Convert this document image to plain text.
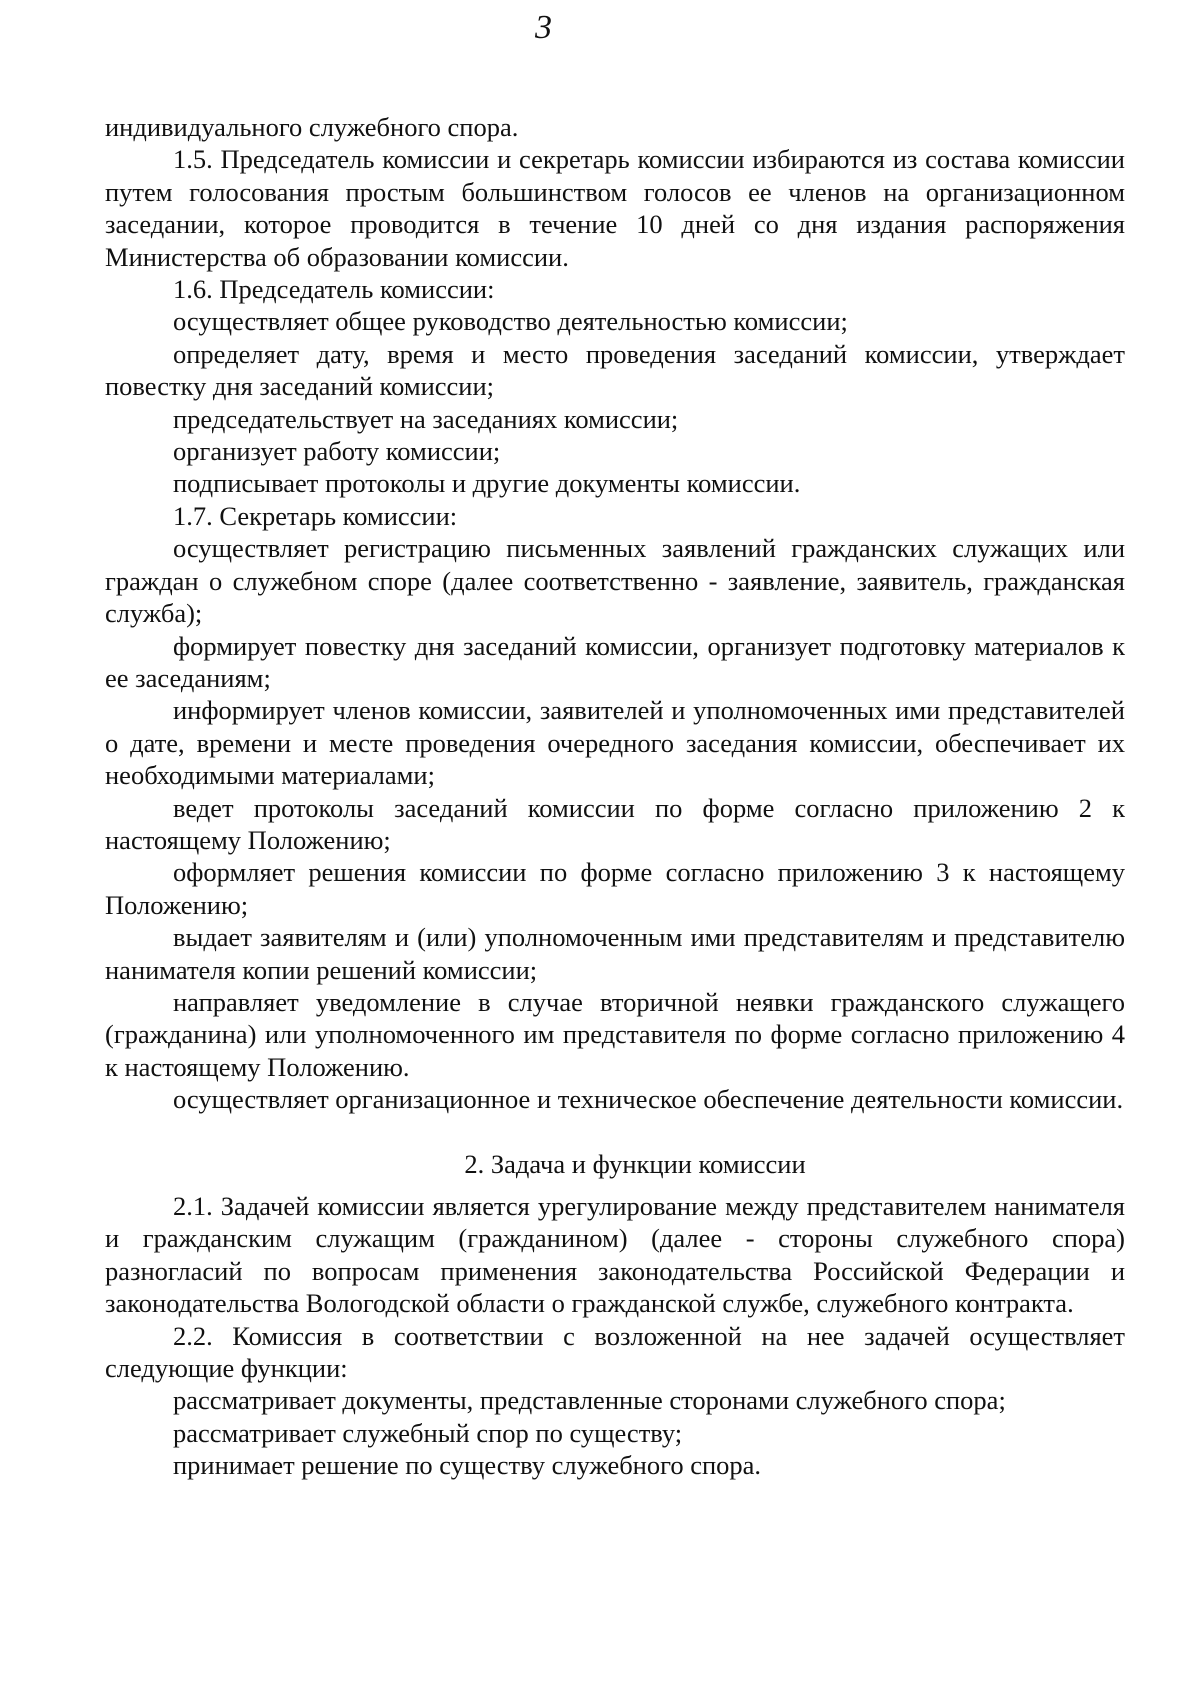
3

индивидуального служебного спора.

1.5. Председатель комиссии и секретарь комиссии избираются из состава комиссии путем голосования простым большинством голосов ее членов на организационном заседании, которое проводится в течение 10 дней со дня издания распоряжения Министерства об образовании комиссии.

1.6. Председатель комиссии:

осуществляет общее руководство деятельностью комиссии;

определяет дату, время и место проведения заседаний комиссии, утверждает повестку дня заседаний комиссии;

председательствует на заседаниях комиссии;

организует работу комиссии;

подписывает протоколы и другие документы комиссии.

1.7. Секретарь комиссии:

осуществляет регистрацию письменных заявлений гражданских служащих или граждан о служебном споре (далее соответственно - заявление, заявитель, гражданская служба);

формирует повестку дня заседаний комиссии, организует подготовку материалов к ее заседаниям;

информирует членов комиссии, заявителей и уполномоченных ими представителей о дате, времени и месте проведения очередного заседания комиссии, обеспечивает их необходимыми материалами;

ведет протоколы заседаний комиссии по форме согласно приложению 2 к настоящему Положению;

оформляет решения комиссии по форме согласно приложению 3 к настоящему Положению;

выдает заявителям и (или) уполномоченным ими представителям и представителю нанимателя копии решений комиссии;

направляет уведомление в случае вторичной неявки гражданского служащего (гражданина) или уполномоченного им представителя по форме согласно приложению 4 к настоящему Положению.

осуществляет организационное и техническое обеспечение деятельности комиссии.

2. Задача и функции комиссии

2.1. Задачей комиссии является урегулирование между представителем нанимателя и гражданским служащим (гражданином) (далее - стороны служебного спора) разногласий по вопросам применения законодательства Российской Федерации и законодательства Вологодской области о гражданской службе, служебного контракта.

2.2. Комиссия в соответствии с возложенной на нее задачей осуществляет следующие функции:

рассматривает документы, представленные сторонами служебного спора;

рассматривает служебный спор по существу;

принимает решение по существу служебного спора.
